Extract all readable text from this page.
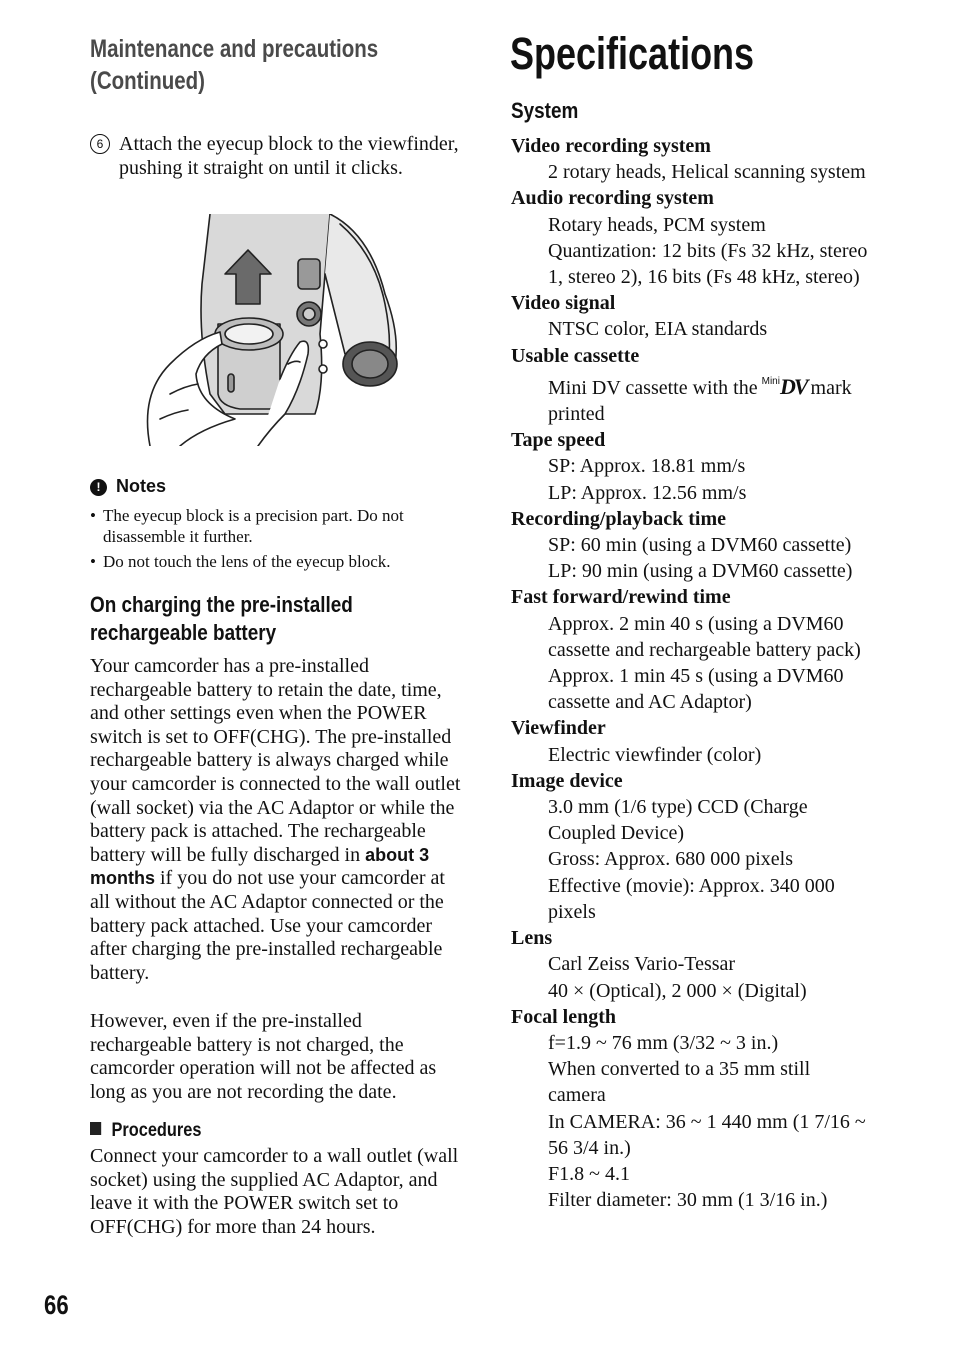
Maintenance and precautions
(Continued)
6 Attach the eyecup block to the viewfinder, pushing it straight on until it clicks.
! Notes
• The eyecup block is a precision part. Do not disassemble it further.
• Do not touch the lens of the eyecup block.
On charging the pre-installed
rechargeable battery
Your camcorder has a pre-installed rechargeable battery to retain the date, time, and other settings even when the POWER switch is set to OFF(CHG). The pre-installed rechargeable battery is always charged while your camcorder is connected to the wall outlet (wall socket) via the AC Adaptor or while the battery pack is attached. The rechargeable battery will be fully discharged in about 3 months if you do not use your camcorder at all without the AC Adaptor connected or the battery pack attached. Use your camcorder after charging the pre-installed rechargeable battery.
However, even if the pre-installed rechargeable battery is not charged, the camcorder operation will not be affected as long as you are not recording the date.
Procedures
Connect your camcorder to a wall outlet (wall socket) using the supplied AC Adaptor, and leave it with the POWER switch set to OFF(CHG) for more than 24 hours.
66
Specifications
System
Video recording system
2 rotary heads, Helical scanning system
Audio recording system
Rotary heads, PCM system
Quantization: 12 bits (Fs 32 kHz, stereo
1, stereo 2), 16 bits (Fs 48 kHz, stereo)
Video signal
NTSC color, EIA standards
Usable cassette
Mini DV cassette with the $^{Mini}$DV mark
printed
Tape speed
SP: Approx. 18.81 mm/s
LP: Approx. 12.56 mm/s
Recording/playback time
SP: 60 min (using a DVM60 cassette)
LP: 90 min (using a DVM60 cassette)
Fast forward/rewind time
Approx. 2 min 40 s (using a DVM60
cassette and rechargeable battery pack)
Approx. 1 min 45 s (using a DVM60
cassette and AC Adaptor)
Viewfinder
Electric viewfinder (color)
Image device
3.0 mm (1/6 type) CCD (Charge
Coupled Device)
Gross: Approx. 680 000 pixels
Effective (movie): Approx. 340 000
pixels
Lens
Carl Zeiss Vario-Tessar
40 × (Optical), 2 000 × (Digital)
Focal length
f=1.9 ~ 76 mm (3/32 ~ 3 in.)
When converted to a 35 mm still
camera
In CAMERA: 36 ~ 1 440 mm (1 7/16 ~
56 3/4 in.)
F1.8 ~ 4.1
Filter diameter: 30 mm (1 3/16 in.)
